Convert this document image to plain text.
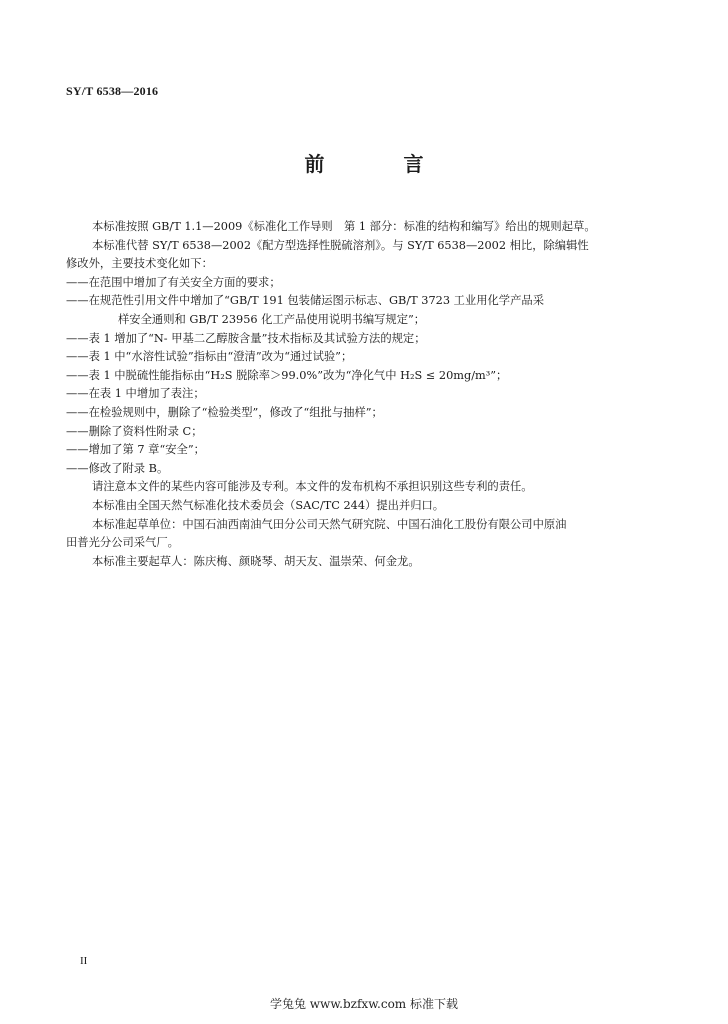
SY/T 6538—2016
前 言

本标准按照 GB/T 1.1—2009《标准化工作导则　第 1 部分：标准的结构和编写》给出的规则起草。

本标准代替 SY/T 6538—2002《配方型选择性脱硫溶剂》。与 SY/T 6538—2002 相比，除编辑性

修改外，主要技术变化如下：

——在范围中增加了有关安全方面的要求；

——在规范性引用文件中增加了“GB/T 191 包装储运图示标志、GB/T 3723 工业用化学产品采

样安全通则和 GB/T 23956 化工产品使用说明书编写规定”；

——表 1 增加了“N- 甲基二乙醇胺含量”技术指标及其试验方法的规定；

——表 1 中“水溶性试验”指标由“澄清”改为“通过试验”；

——表 1 中脱硫性能指标由“H₂S 脱除率＞99.0%”改为“净化气中 H₂S ≤ 20mg/m³”；

——在表 1 中增加了表注；

——在检验规则中，删除了“检验类型”，修改了“组批与抽样”；

——删除了资料性附录 C；

——增加了第 7 章“安全”；

——修改了附录 B。

请注意本文件的某些内容可能涉及专利。本文件的发布机构不承担识别这些专利的责任。

本标准由全国天然气标准化技术委员会（SAC/TC 244）提出并归口。

本标准起草单位：中国石油西南油气田分公司天然气研究院、中国石油化工股份有限公司中原油

田普光分公司采气厂。

本标准主要起草人：陈庆梅、颜晓琴、胡天友、温崇荣、何金龙。

II
学兔兔 www.bzfxw.com 标准下载
